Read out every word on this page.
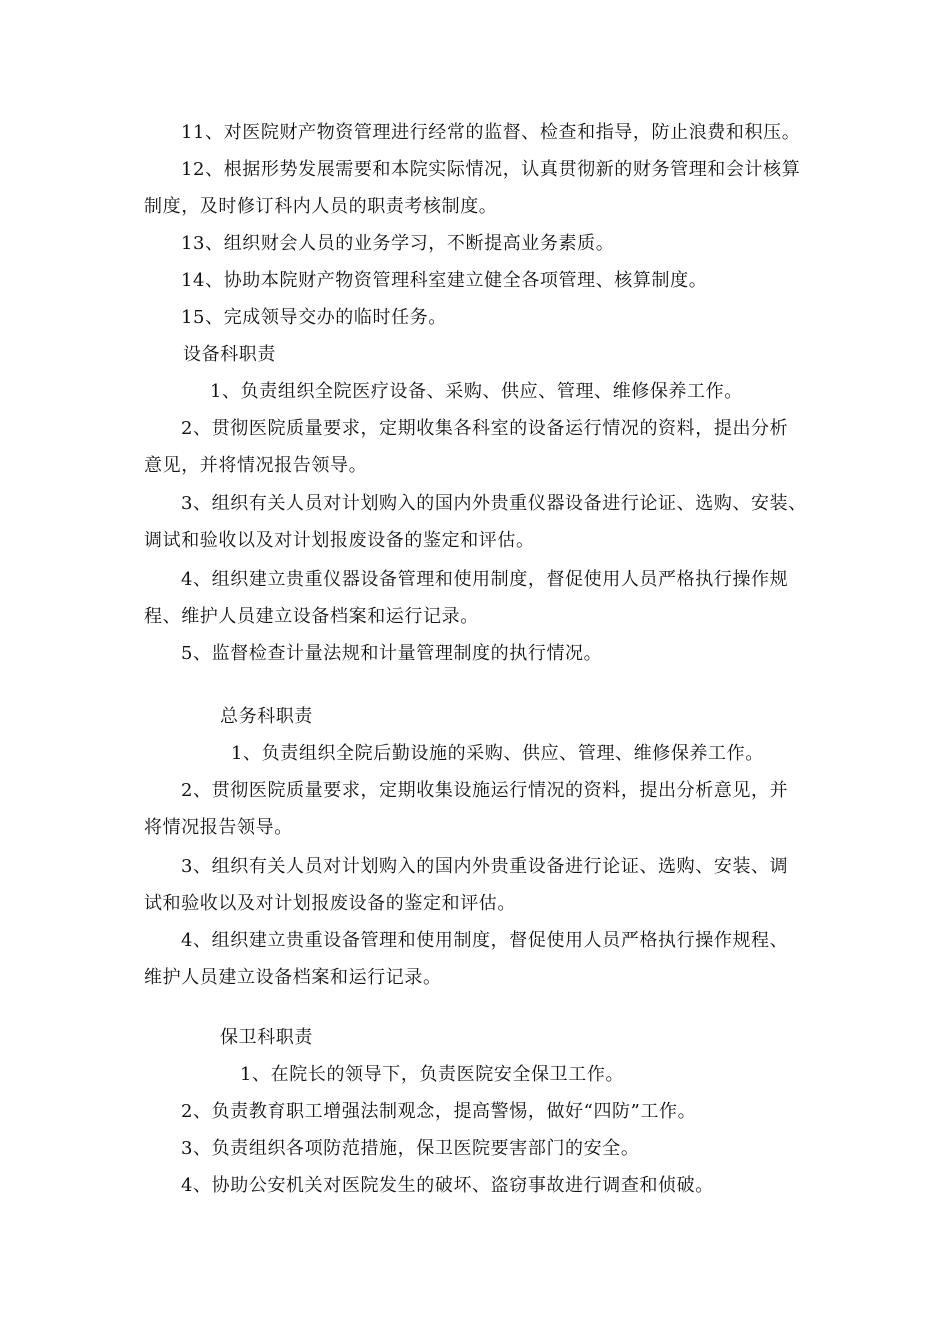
11、对医院财产物资管理进行经常的监督、检查和指导，防止浪费和积压。
12、根据形势发展需要和本院实际情况，认真贯彻新的财务管理和会计核算
制度，及时修订科内人员的职责考核制度。
13、组织财会人员的业务学习，不断提高业务素质。
14、协助本院财产物资管理科室建立健全各项管理、核算制度。
15、完成领导交办的临时任务。
设备科职责
1、负责组织全院医疗设备、采购、供应、管理、维修保养工作。
2、贯彻医院质量要求，定期收集各科室的设备运行情况的资料，提出分析
意见，并将情况报告领导。
3、组织有关人员对计划购入的国内外贵重仪器设备进行论证、选购、安装、
调试和验收以及对计划报废设备的鉴定和评估。
4、组织建立贵重仪器设备管理和使用制度，督促使用人员严格执行操作规
程、维护人员建立设备档案和运行记录。
5、监督检查计量法规和计量管理制度的执行情况。
总务科职责
1、负责组织全院后勤设施的采购、供应、管理、维修保养工作。
2、贯彻医院质量要求，定期收集设施运行情况的资料，提出分析意见，并
将情况报告领导。
3、组织有关人员对计划购入的国内外贵重设备进行论证、选购、安装、调
试和验收以及对计划报废设备的鉴定和评估。
4、组织建立贵重设备管理和使用制度，督促使用人员严格执行操作规程、
维护人员建立设备档案和运行记录。
保卫科职责
1、在院长的领导下，负责医院安全保卫工作。
2、负责教育职工增强法制观念，提高警惕，做好“四防”工作。
3、负责组织各项防范措施，保卫医院要害部门的安全。
4、协助公安机关对医院发生的破坏、盗窃事故进行调查和侦破。
